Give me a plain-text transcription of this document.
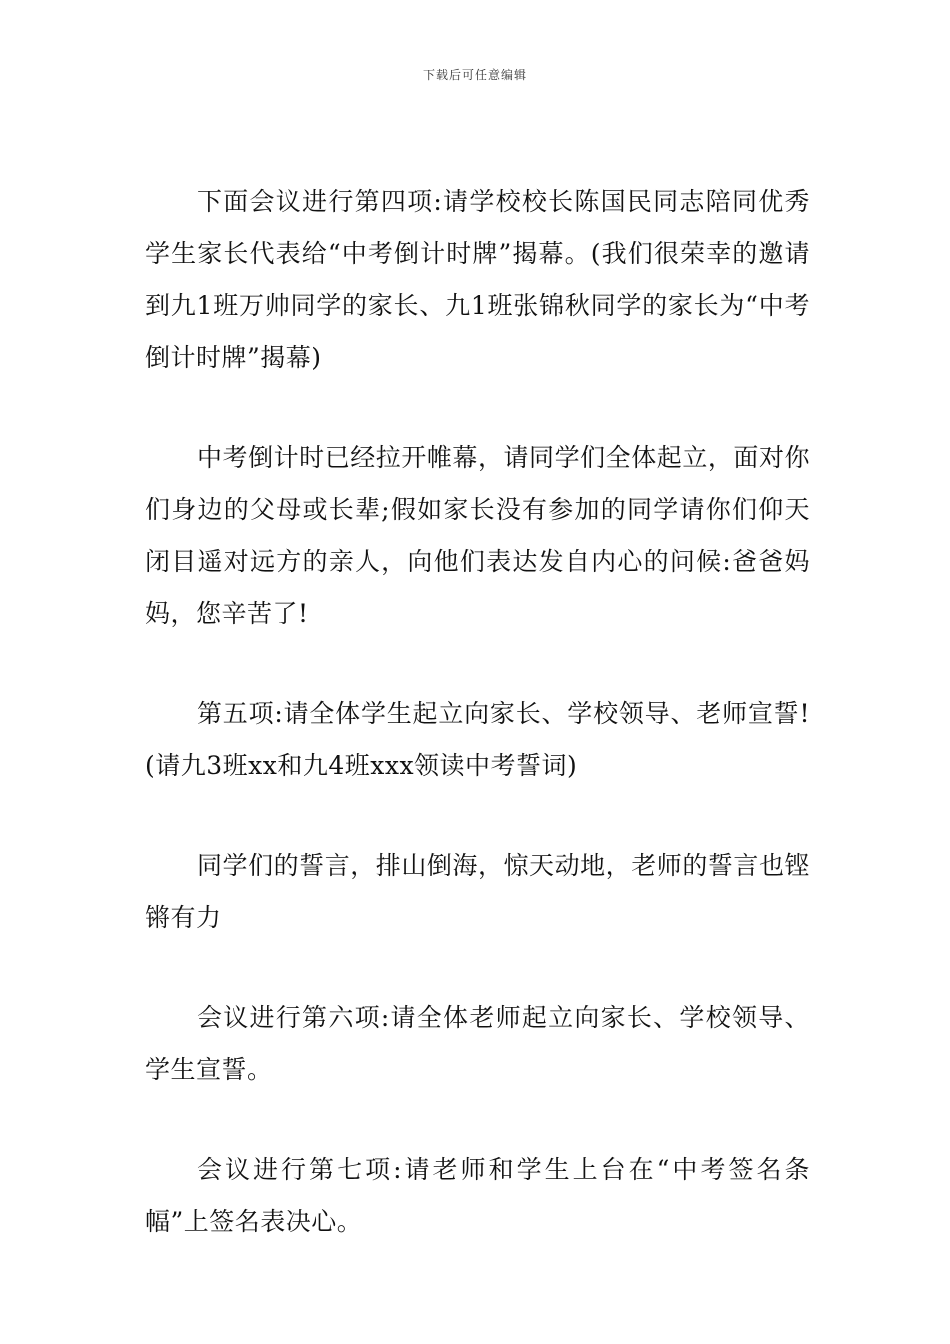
下载后可任意编辑

下面会议进行第四项:请学校校长陈国民同志陪同优秀学生家长代表给“中考倒计时牌”揭幕。(我们很荣幸的邀请到九1班万帅同学的家长、九1班张锦秋同学的家长为“中考倒计时牌”揭幕)

中考倒计时已经拉开帷幕，请同学们全体起立，面对你们身边的父母或长辈;假如家长没有参加的同学请你们仰天闭目遥对远方的亲人，向他们表达发自内心的问候:爸爸妈妈，您辛苦了!

第五项:请全体学生起立向家长、学校领导、老师宣誓!(请九3班xx和九4班xxx领读中考誓词)

同学们的誓言，排山倒海，惊天动地，老师的誓言也铿锵有力

会议进行第六项:请全体老师起立向家长、学校领导、学生宣誓。

会议进行第七项:请老师和学生上台在“中考签名条幅”上签名表决心。
